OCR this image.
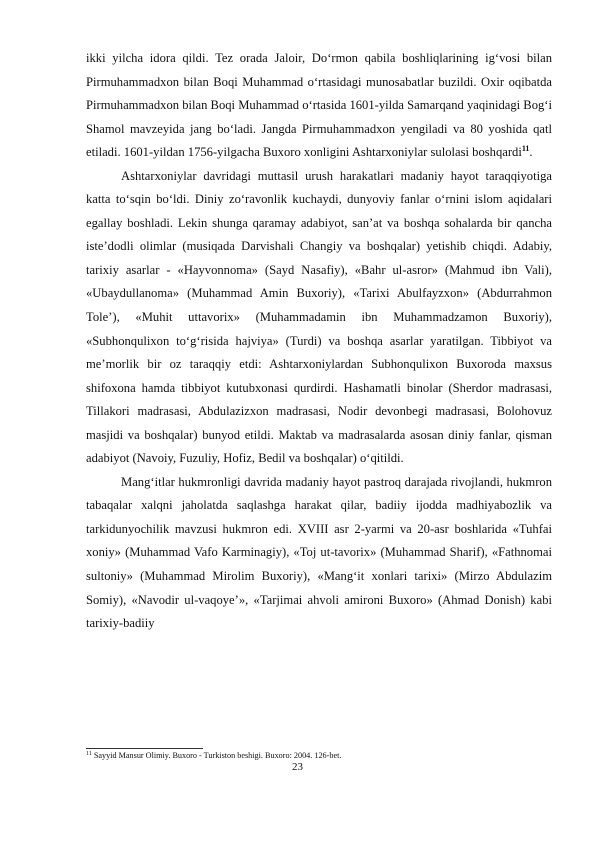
ikki yilcha idora qildi. Tez orada Jaloir, Do‘rmon qabila boshliqlarining ig‘vosi bilan Pirmuhammadxon bilan Boqi Muhammad o‘rtasidagi munosabatlar buzildi. Oxir oqibatda Pirmuhammadxon bilan Boqi Muhammad o‘rtasida 1601-yilda Samarqand yaqinidagi Bog‘i Shamol mavzeyida jang bo‘ladi. Jangda Pirmuhammadxon yengiladi va 80 yoshida qatl etiladi. 1601-yildan 1756-yilgacha Buxoro xonligini Ashtarxoniylar sulolasi boshqardi$^{11}$.

Ashtarxoniylar davridagi muttasil urush harakatlari madaniy hayot taraqqiyotiga katta to‘sqin bo‘ldi. Diniy zo‘ravonlik kuchaydi, dunyoviy fanlar o‘rnini islom aqidalari egallay boshladi. Lekin shunga qaramay adabiyot, san’at va boshqa sohalarda bir qancha iste’dodli olimlar (musiqada Darvishali Changiy va boshqalar) yetishib chiqdi. Adabiy, tarixiy asarlar - «Hayvonnoma» (Sayd Nasafiy), «Bahr ul-asror» (Mahmud ibn Vali), «Ubaydullanoma» (Muhammad Amin Buxoriy), «Tarixi Abulfayzxon» (Abdurrahmon Tole’), «Muhit uttavorix» (Muhammadamin ibn Muhammadzamon Buxoriy), «Subhonqulixon to‘g‘risida hajviya» (Turdi) va boshqa asarlar yaratilgan. Tibbiyot va me’morlik bir oz taraqqiy etdi: Ashtarxoniylardan Subhonqulixon Buxoroda maxsus shifoxona hamda tibbiyot kutubxonasi qurdirdi. Hashamatli binolar (Sherdor madrasasi, Tillakori madrasasi, Abdulazizxon madrasasi, Nodir devonbegi madrasasi, Bolohovuz masjidi va boshqalar) bunyod etildi. Maktab va madrasalarda asosan diniy fanlar, qisman adabiyot (Navoiy, Fuzuliy, Hofiz, Bedil va boshqalar) o‘qitildi.

Mang‘itlar hukmronligi davrida madaniy hayot pastroq darajada rivojlandi, hukmron tabaqalar xalqni jaholatda saqlashga harakat qilar, badiiy ijodda madhiyabozlik va tarkidunyochilik mavzusi hukmron edi. XVIII asr 2-yarmi va 20-asr boshlarida «Tuhfai xoniy» (Muhammad Vafo Karminagiy), «Toj ut-tavorix» (Muhammad Sharif), «Fathnomai sultoniy» (Muhammad Mirolim Buxoriy), «Mang‘it xonlari tarixi» (Mirzo Abdulazim Somiy), «Navodir ul-vaqoye’», «Tarjimai ahvoli amironi Buxoro» (Ahmad Donish) kabi tarixiy-badiiy

$^{11}$ Sayyid Mansur Olimiy. Buxoro - Turkiston beshigi. Buxoro: 2004. 126-bet.
23
